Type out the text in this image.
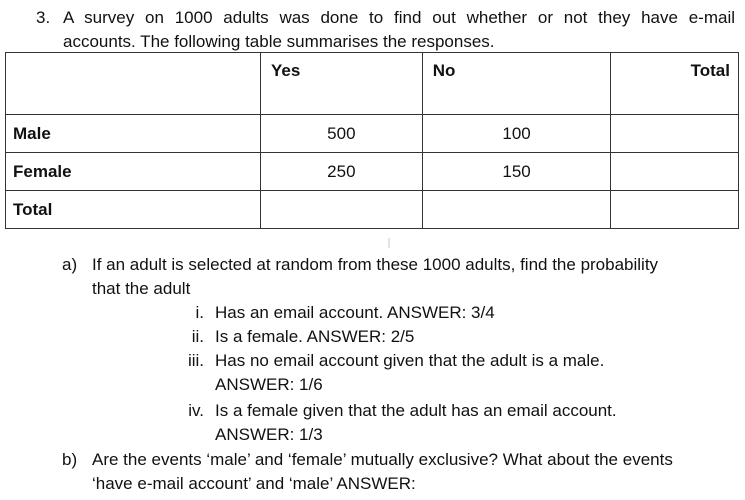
3. A survey on 1000 adults was done to find out whether or not they have e-mail
accounts. The following table summarises the responses.
	Yes	No	Total
Male	500	100	
Female	250	150	
Total			
a) If an adult is selected at random from these 1000 adults, find the probability
that the adult
i. Has an email account. ANSWER: 3/4
ii. Is a female. ANSWER: 2/5
iii. Has no email account given that the adult is a male.
ANSWER: 1/6
iv. Is a female given that the adult has an email account.
ANSWER: 1/3
b) Are the events ‘male’ and ‘female’ mutually exclusive? What about the events
‘have e-mail account’ and ‘male’ ANSWER:
